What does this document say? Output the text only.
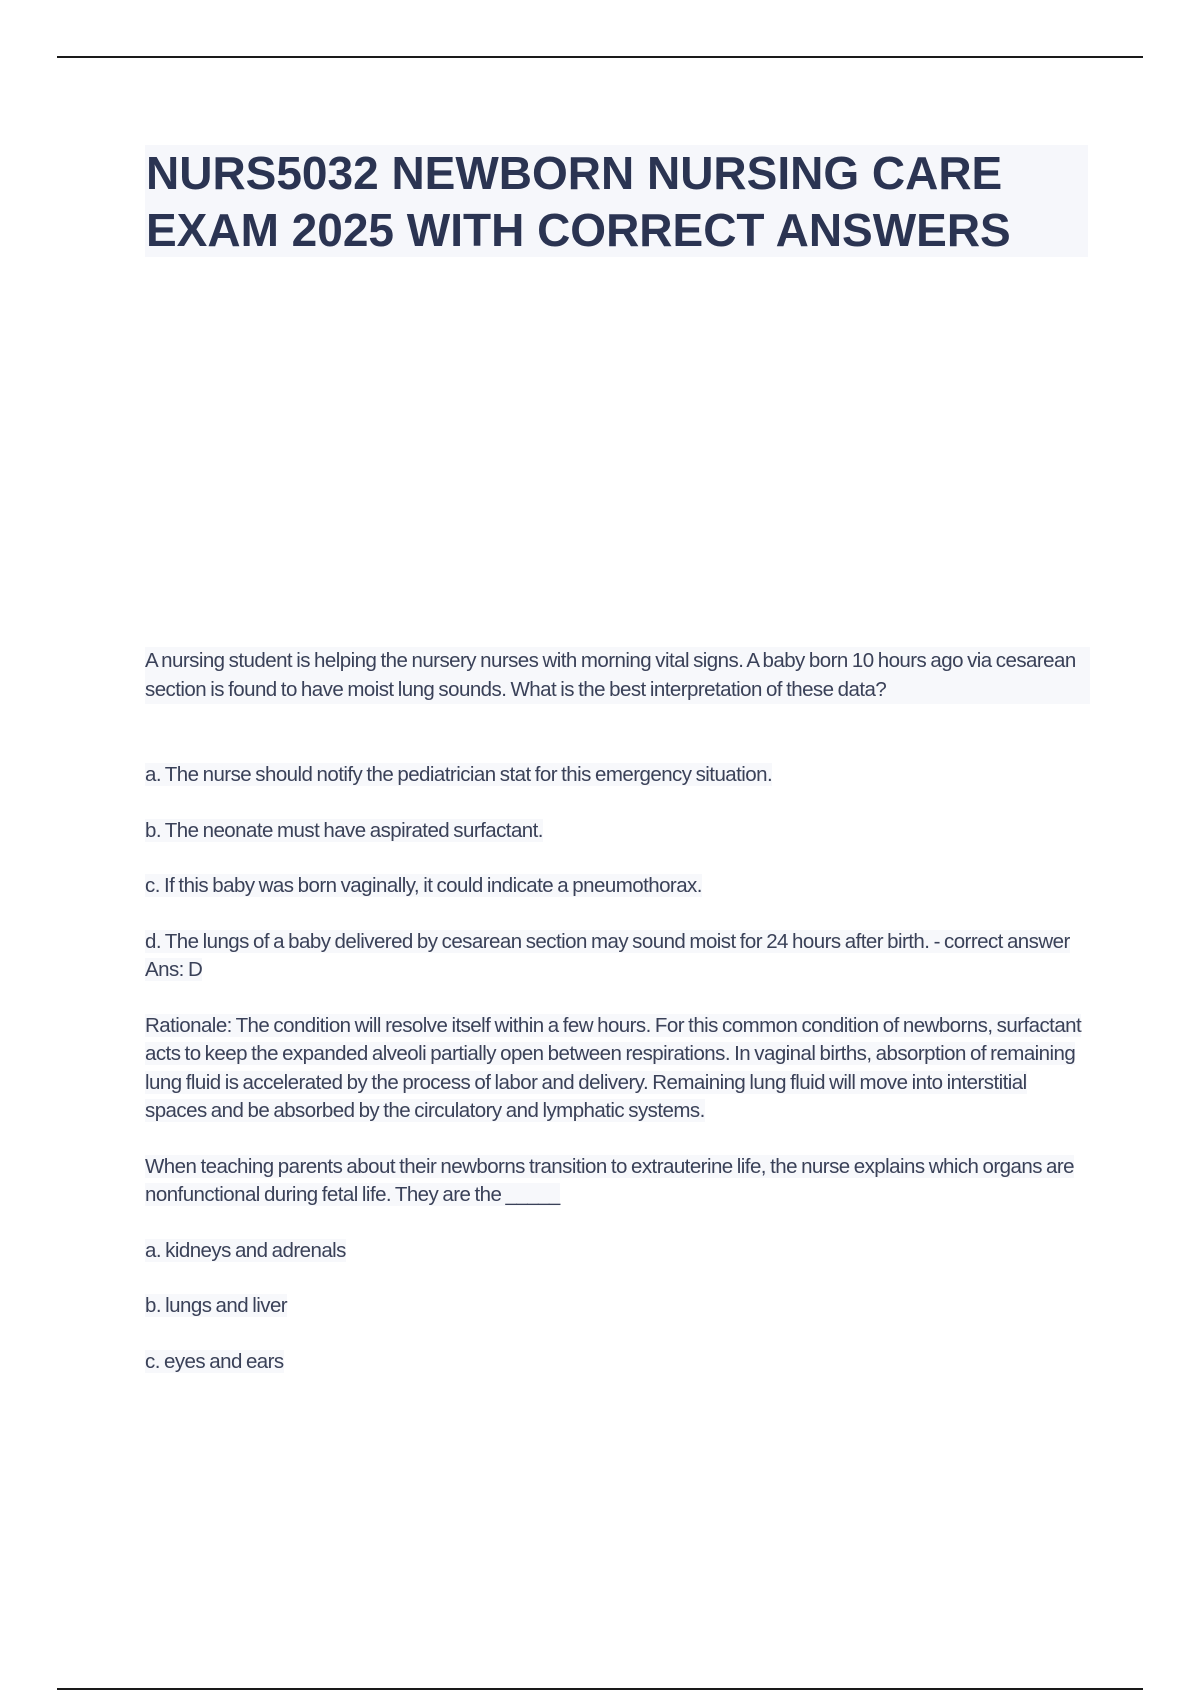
NURS5032 NEWBORN NURSING CARE
EXAM 2025 WITH CORRECT ANSWERS

A nursing student is helping the nursery nurses with morning vital signs. A baby born 10 hours ago via cesarean section is found to have moist lung sounds. What is the best interpretation of these data?

a. The nurse should notify the pediatrician stat for this emergency situation.

b. The neonate must have aspirated surfactant.

c. If this baby was born vaginally, it could indicate a pneumothorax.

d. The lungs of a baby delivered by cesarean section may sound moist for 24 hours after birth. - correct answer Ans: D

Rationale: The condition will resolve itself within a few hours. For this common condition of newborns, surfactant acts to keep the expanded alveoli partially open between respirations. In vaginal births, absorption of remaining lung fluid is accelerated by the process of labor and delivery. Remaining lung fluid will move into interstitial spaces and be absorbed by the circulatory and lymphatic systems.

When teaching parents about their newborns transition to extrauterine life, the nurse explains which organs are nonfunctional during fetal life. They are the _____

a. kidneys and adrenals

b. lungs and liver

c. eyes and ears
